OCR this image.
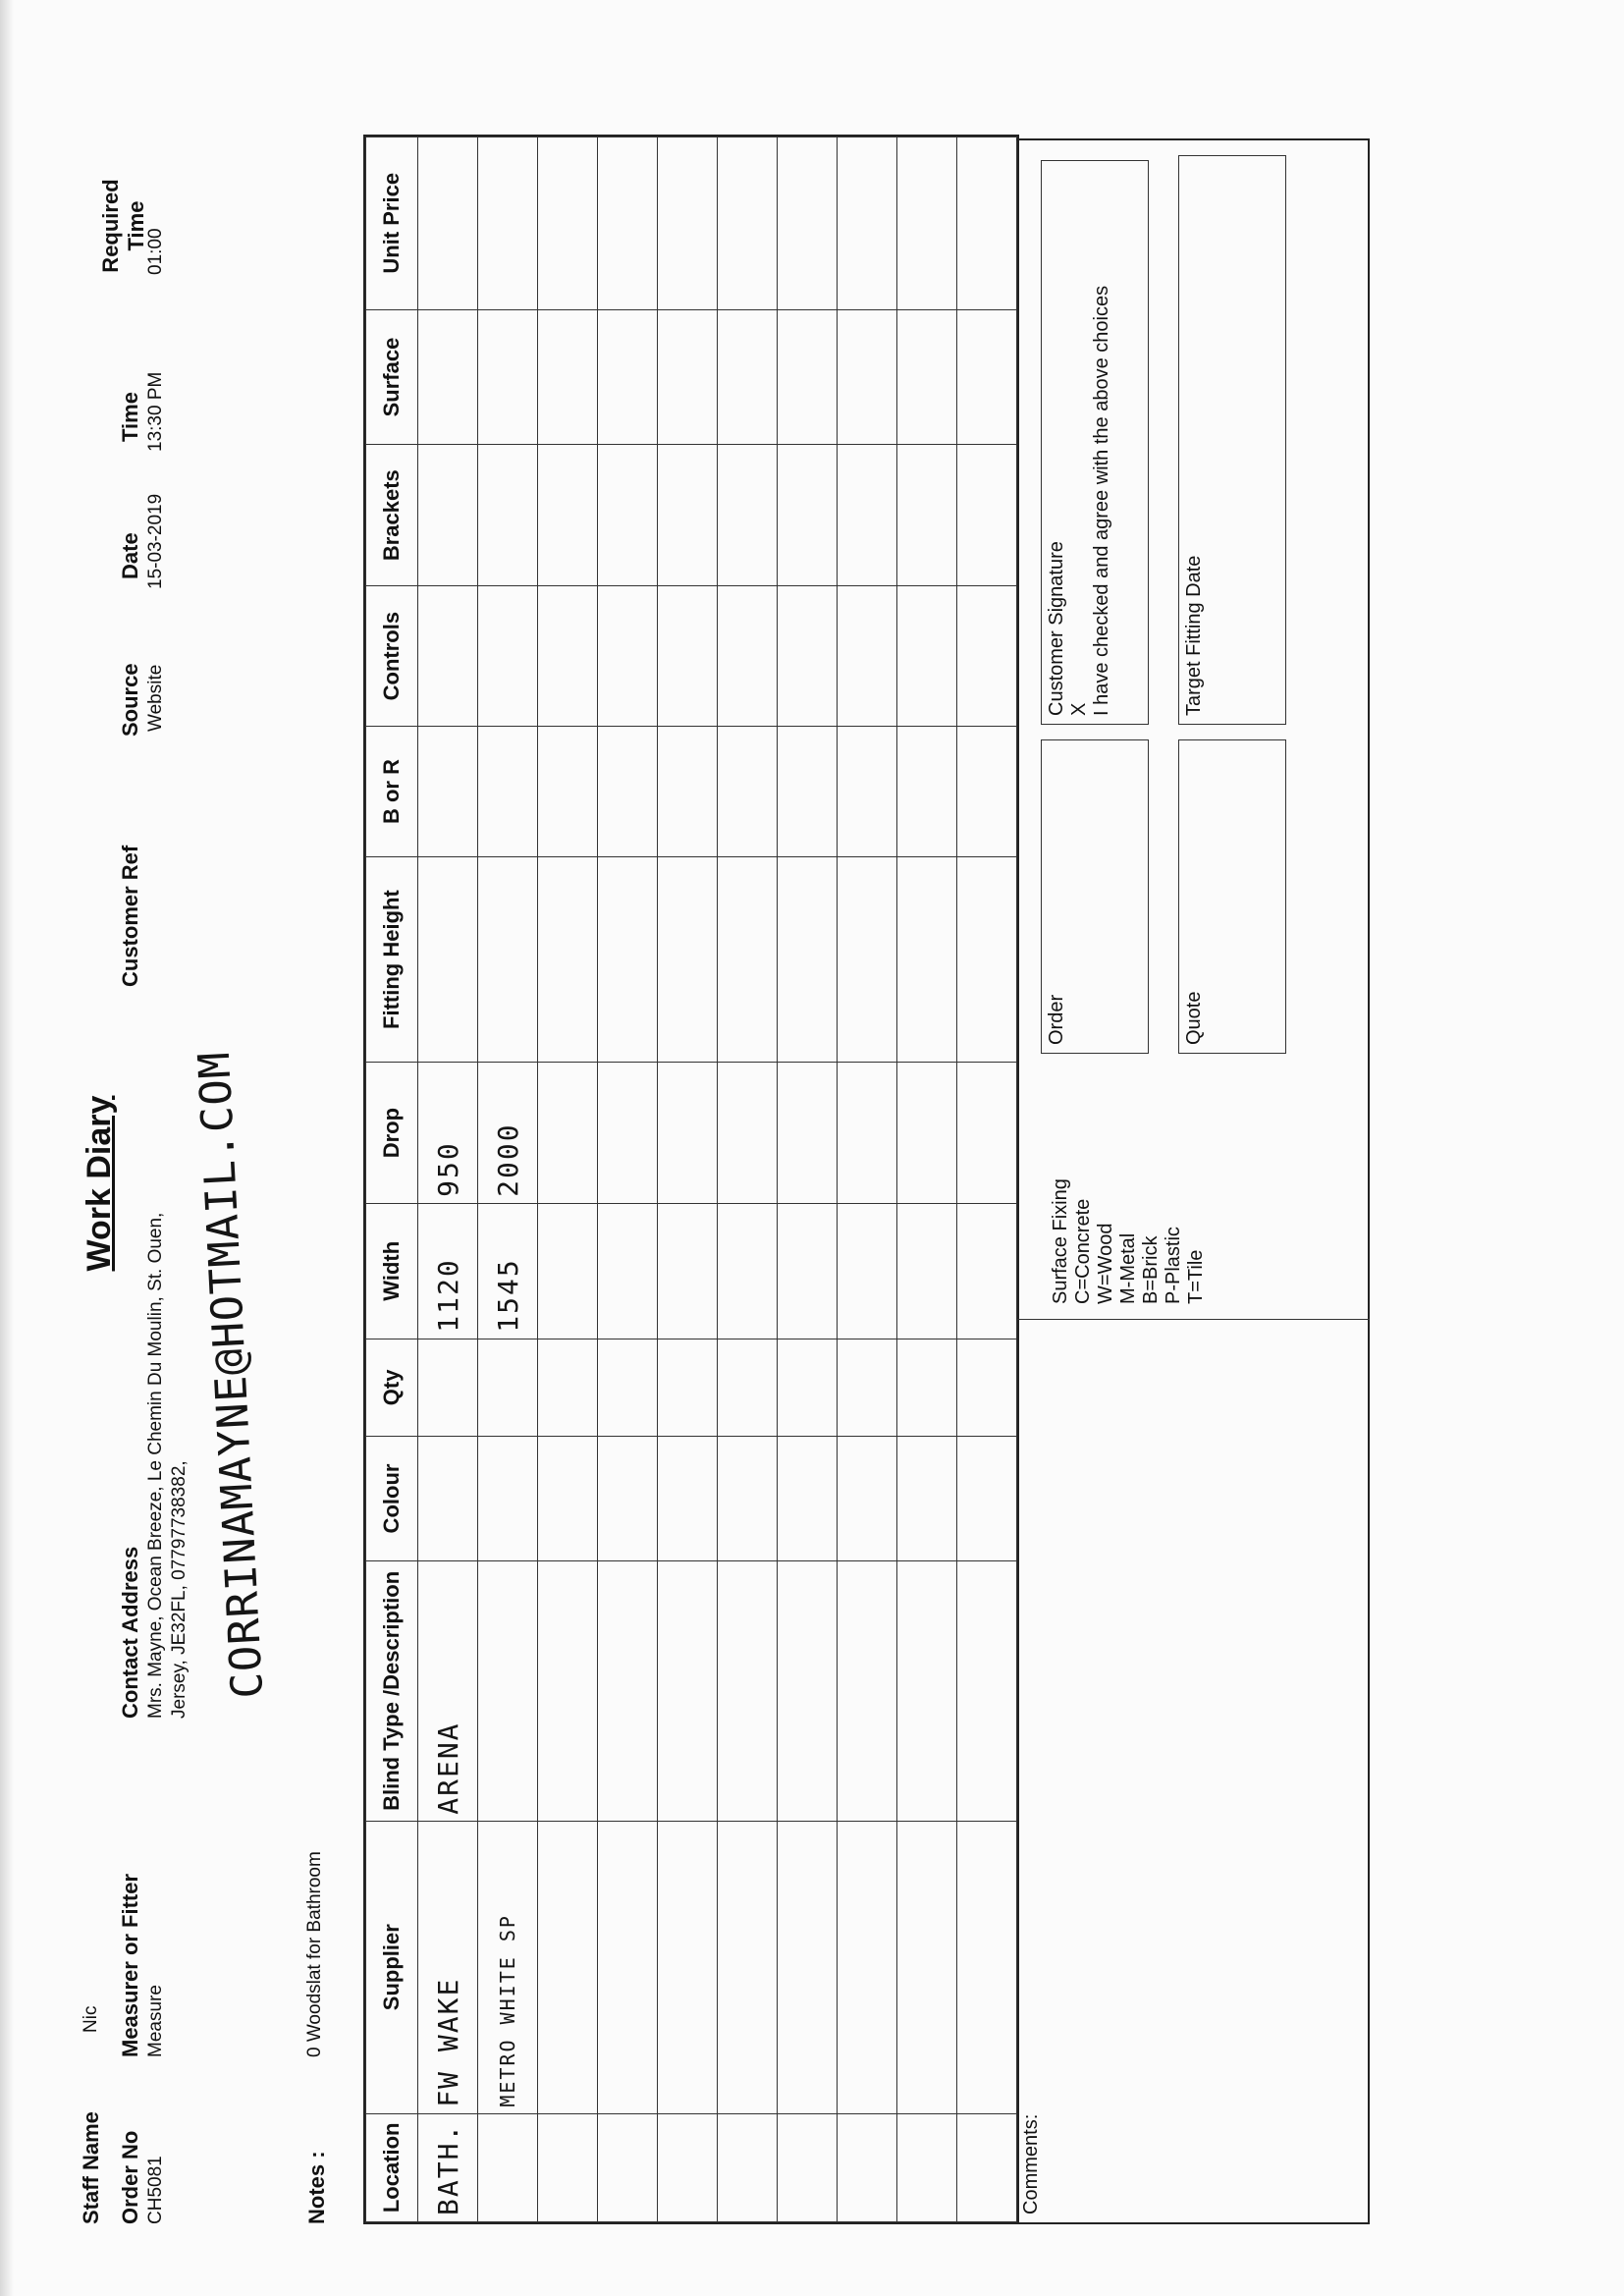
Work Diary
Staff Name
Nic
Order No CH5081
Measurer or Fitter Measure
Contact Address Mrs. Mayne, Ocean Breeze, Le Chemin Du Moulin, St. Ouen, Jersey, JE32FL, 07797738382,
Customer Ref
Source Website
Date 15-03-2019
Time 13:30 PM
Required Time
01:00
CORRINAMAYNE@HOTMAIL.COM
Notes :
0 Woodslat for Bathroom
Location	Supplier	Blind Type /Description	Colour	Qty	Width	Drop	Fitting Height	B or R	Controls	Brackets	Surface	Unit Price
BATH.	FW WAKE	ARENA			1120	950						
	METRO WHITE SP				1545	2000						

Comments:
Surface Fixing C=Concrete W=Wood M-Metal B=Brick P-Plastic T=Tile
Order	Quote
Customer Signature X I have checked and agree with the above choices	Target Fitting Date
